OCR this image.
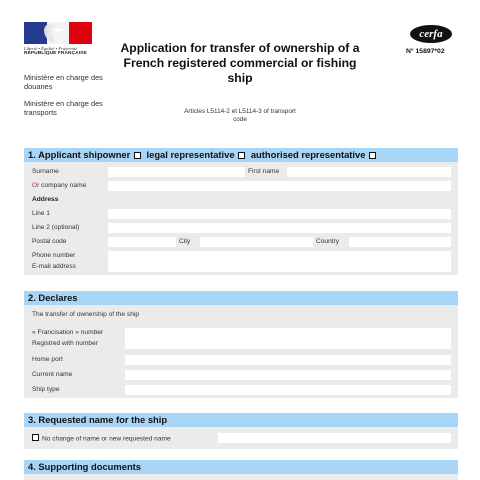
Liberté • Égalité • Fraternité
RÉPUBLIQUE FRANÇAISE
Ministère en charge des douanes
Ministère en charge des transports
Application for transfer of ownership of a French registered commercial or fishing ship
Articles L5114-2 et L5114-3 of transport code
cerfa
N° 15897*02
1. Applicant shipowner legal representative authorised representative
Surname	First name
Or company name
Address
Line 1
Line 2 (optional)
Postal code	City	Country
Phone number
E-mail address
2. Declares
The transfer of ownership of the ship
« Francisation » number
Registred with number
Home port
Current name
Ship type
3. Requested name for the ship
No change of name or new requested name
4. Supporting documents
